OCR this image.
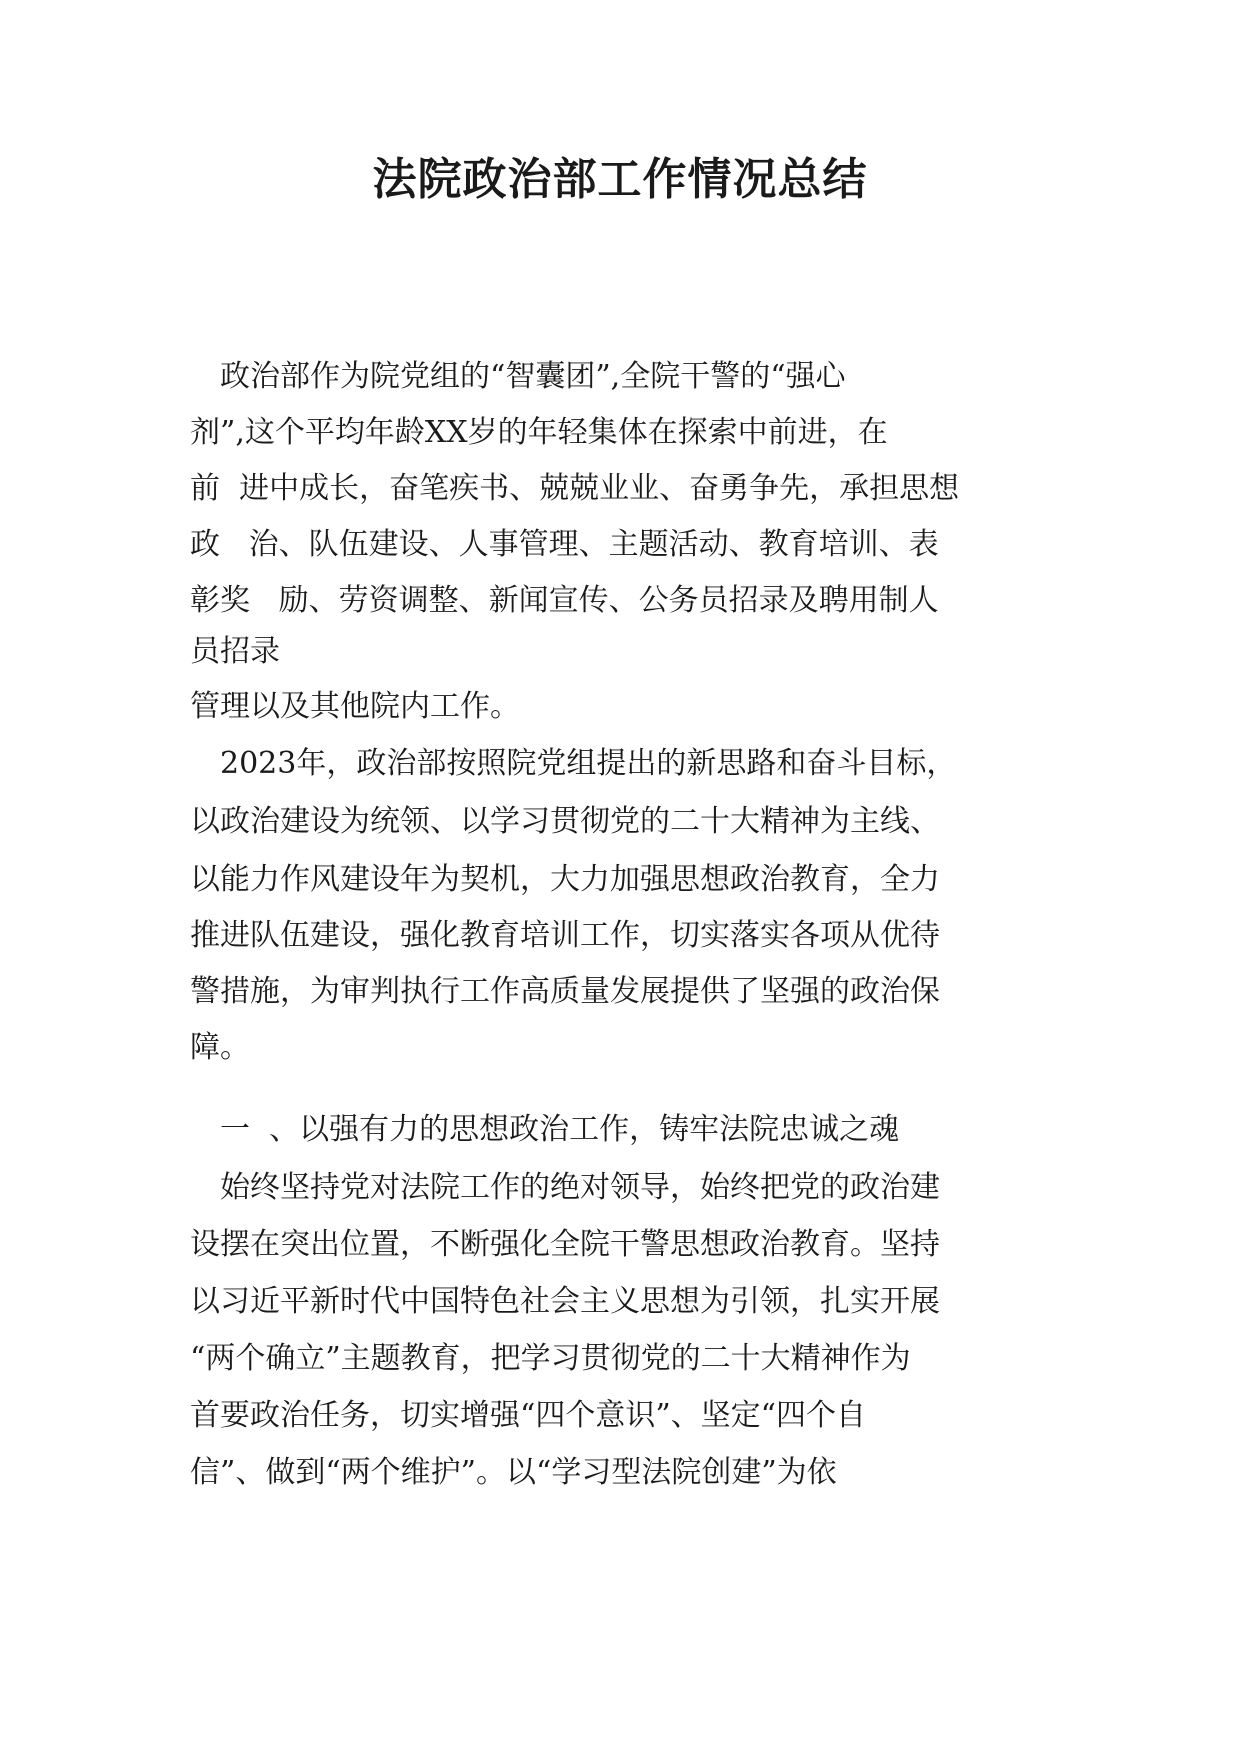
法院政治部工作情况总结
　政治部作为院党组的“智囊团”,全院干警的“强心
剂”,这个平均年龄XX岁的年轻集体在探索中前进，在
前  进中成长，奋笔疾书、兢兢业业、奋勇争先，承担思想
政   治、队伍建设、人事管理、主题活动、教育培训、表
彰奖   励、劳资调整、新闻宣传、公务员招录及聘用制人
员招录
管理以及其他院内工作。
　2023年，政治部按照院党组提出的新思路和奋斗目标，
以政治建设为统领、以学习贯彻党的二十大精神为主线、
以能力作风建设年为契机，大力加强思想政治教育，全力
推进队伍建设，强化教育培训工作，切实落实各项从优待
警措施，为审判执行工作高质量发展提供了坚强的政治保
障。
　一  、以强有力的思想政治工作，铸牢法院忠诚之魂
　始终坚持党对法院工作的绝对领导，始终把党的政治建
设摆在突出位置，不断强化全院干警思想政治教育。坚持
以习近平新时代中国特色社会主义思想为引领，扎实开展
“两个确立”主题教育，把学习贯彻党的二十大精神作为
首要政治任务，切实增强“四个意识”、坚定“四个自
信”、做到“两个维护”。以“学习型法院创建”为依
